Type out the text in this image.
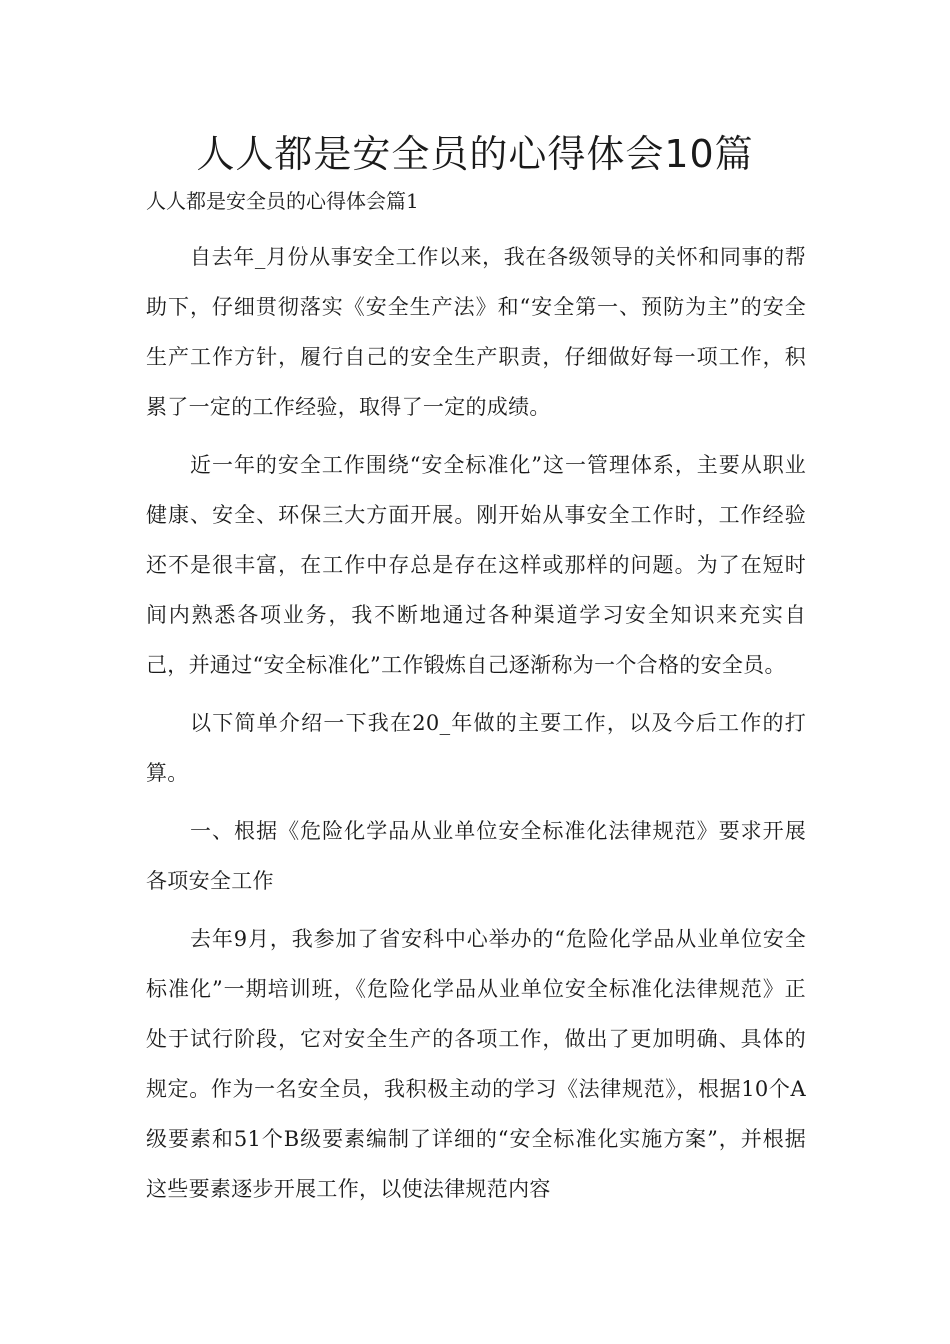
人人都是安全员的心得体会10篇
人人都是安全员的心得体会篇1

自去年_月份从事安全工作以来，我在各级领导的关怀和同事的帮助下，仔细贯彻落实《安全生产法》和“安全第一、预防为主”的安全生产工作方针，履行自己的安全生产职责，仔细做好每一项工作，积累了一定的工作经验，取得了一定的成绩。

近一年的安全工作围绕“安全标准化”这一管理体系，主要从职业健康、安全、环保三大方面开展。刚开始从事安全工作时，工作经验还不是很丰富，在工作中存总是存在这样或那样的问题。为了在短时间内熟悉各项业务，我不断地通过各种渠道学习安全知识来充实自己，并通过“安全标准化”工作锻炼自己逐渐称为一个合格的安全员。

以下简单介绍一下我在20_年做的主要工作，以及今后工作的打算。

一、根据《危险化学品从业单位安全标准化法律规范》要求开展各项安全工作

去年9月，我参加了省安科中心举办的“危险化学品从业单位安全标准化”一期培训班，《危险化学品从业单位安全标准化法律规范》正处于试行阶段，它对安全生产的各项工作，做出了更加明确、具体的规定。作为一名安全员，我积极主动的学习《法律规范》，根据10个A级要素和51个B级要素编制了详细的“安全标准化实施方案”，并根据这些要素逐步开展工作，以使法律规范内容
